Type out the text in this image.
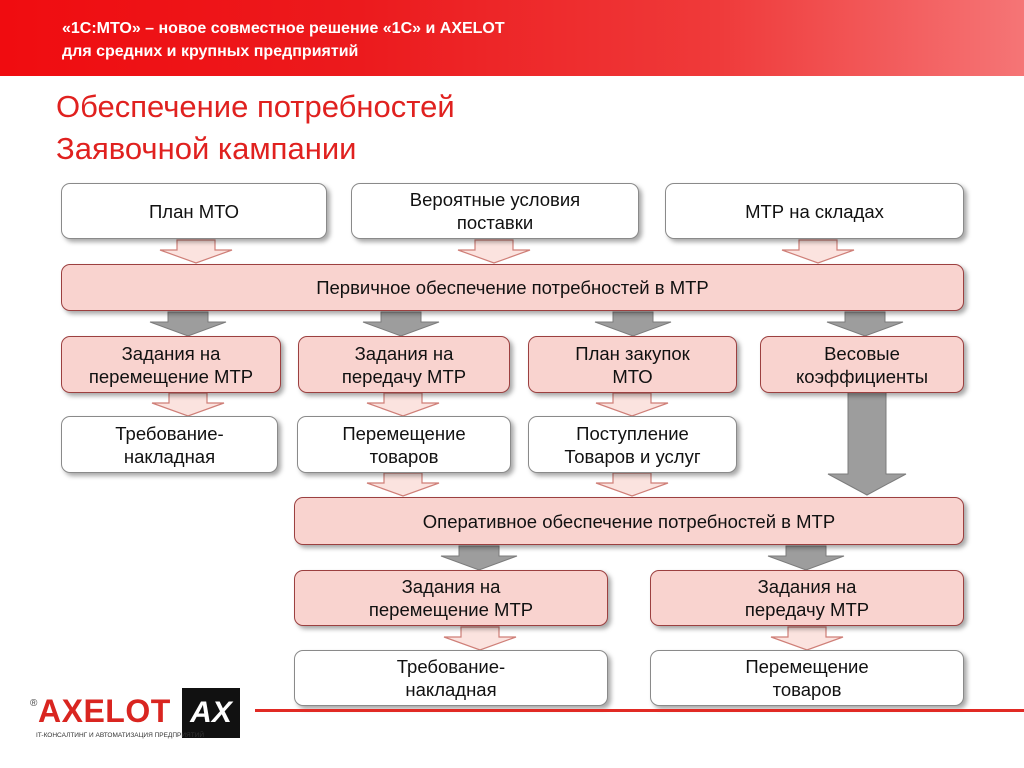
«1С:МТО» – новое совместное решение «1С» и AXELOT
для средних и крупных предприятий
Обеспечение потребностей
Заявочной кампании
План МТО
Вероятные условия
поставки
МТР на складах
Первичное обеспечение потребностей в МТР
Задания на
перемещение МТР
Задания на
передачу МТР
План закупок
МТО
Весовые
коэффициенты
Требование-
накладная
Перемещение
товаров
Поступление
Товаров и услуг
Оперативное обеспечение потребностей в МТР
Задания на
перемещение МТР
Задания на
передачу МТР
Требование-
накладная
Перемещение
товаров
® AXELOT AX
IT-КОНСАЛТИНГ И АВТОМАТИЗАЦИЯ ПРЕДПРИЯТИЙ
